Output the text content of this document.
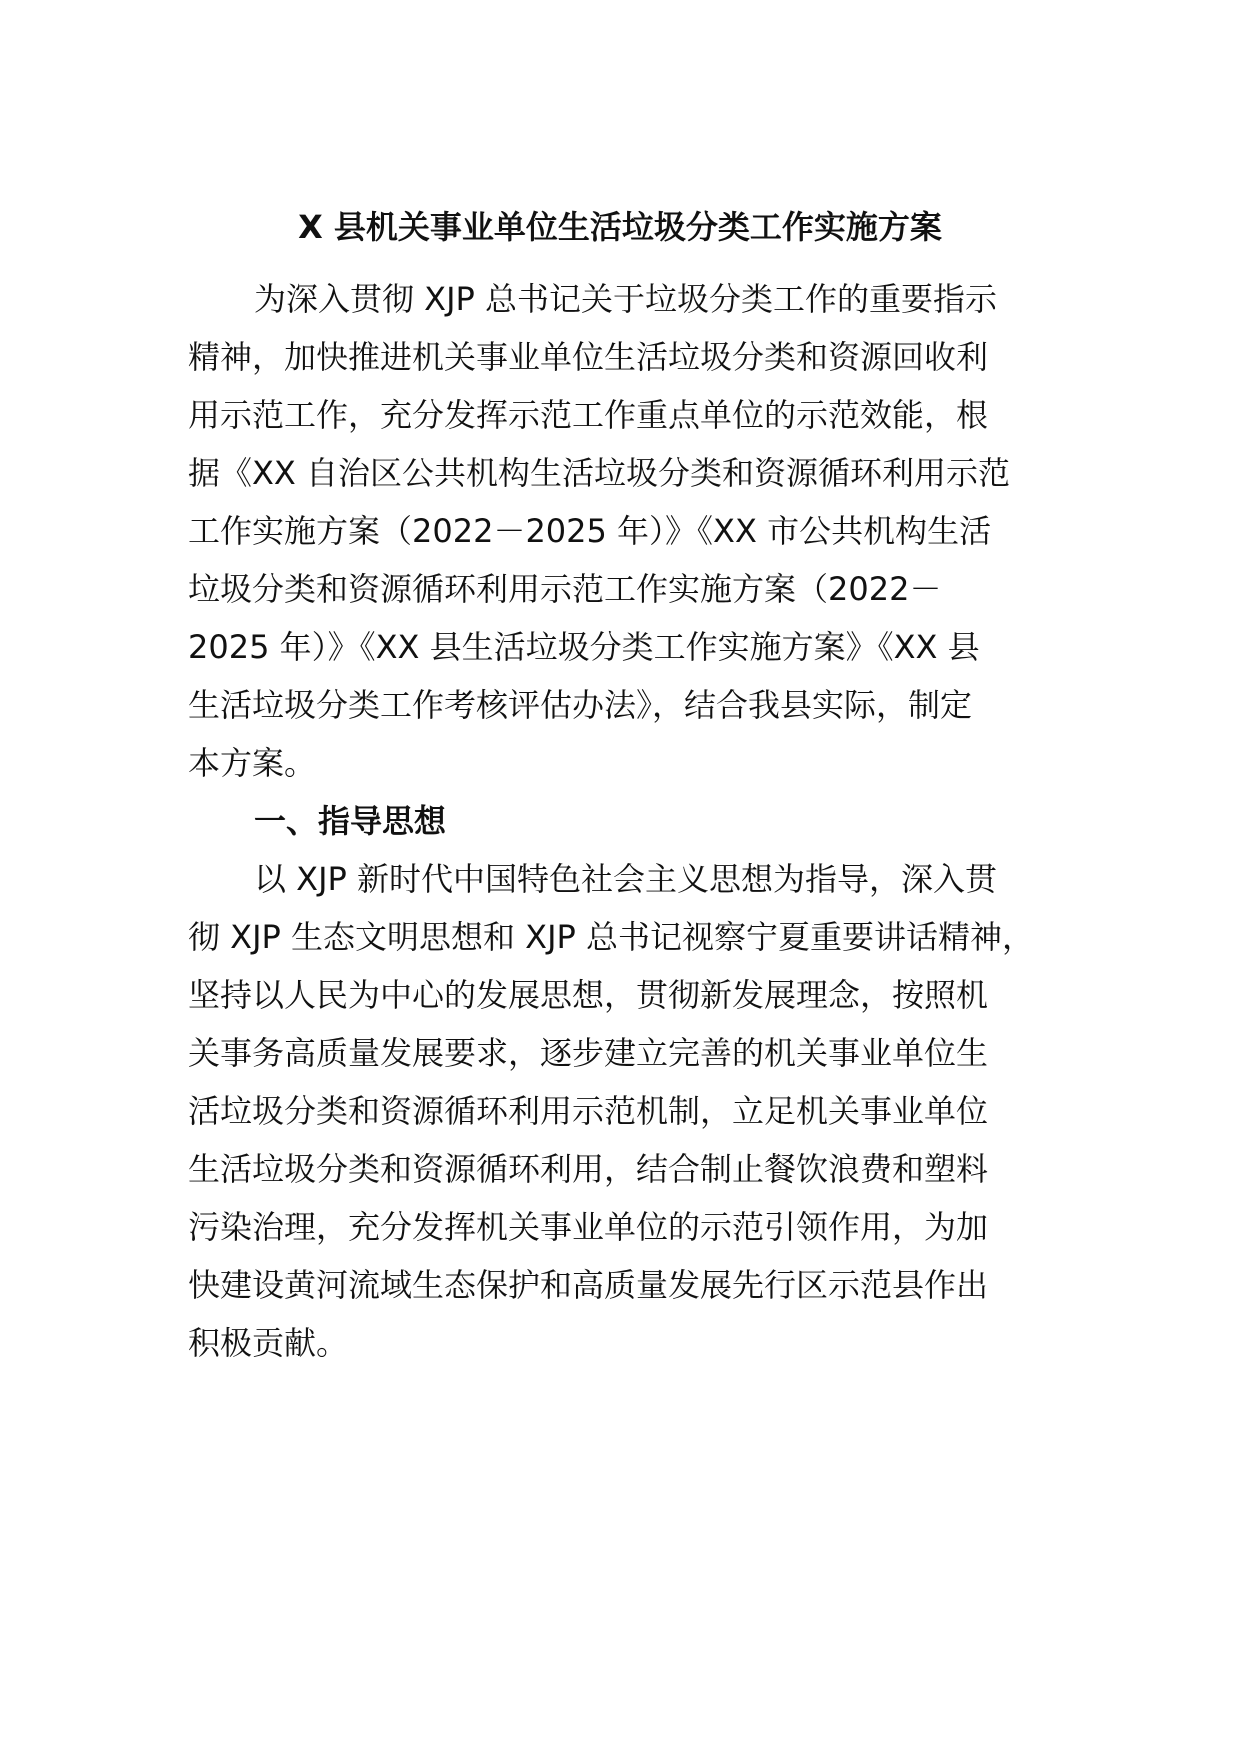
X 县机关事业单位生活垃圾分类工作实施方案
为深入贯彻 XJP 总书记关于垃圾分类工作的重要指示
精神，加快推进机关事业单位生活垃圾分类和资源回收利
用示范工作，充分发挥示范工作重点单位的示范效能，根
据《XX 自治区公共机构生活垃圾分类和资源循环利用示范
工作实施方案（2022－2025 年）》《XX 市公共机构生活
垃圾分类和资源循环利用示范工作实施方案（2022－
2025 年）》《XX 县生活垃圾分类工作实施方案》《XX 县
生活垃圾分类工作考核评估办法》，结合我县实际，制定
本方案。
一、指导思想
以 XJP 新时代中国特色社会主义思想为指导，深入贯
彻 XJP 生态文明思想和 XJP 总书记视察宁夏重要讲话精神，
坚持以人民为中心的发展思想，贯彻新发展理念，按照机
关事务高质量发展要求，逐步建立完善的机关事业单位生
活垃圾分类和资源循环利用示范机制，立足机关事业单位
生活垃圾分类和资源循环利用，结合制止餐饮浪费和塑料
污染治理，充分发挥机关事业单位的示范引领作用，为加
快建设黄河流域生态保护和高质量发展先行区示范县作出
积极贡献。
